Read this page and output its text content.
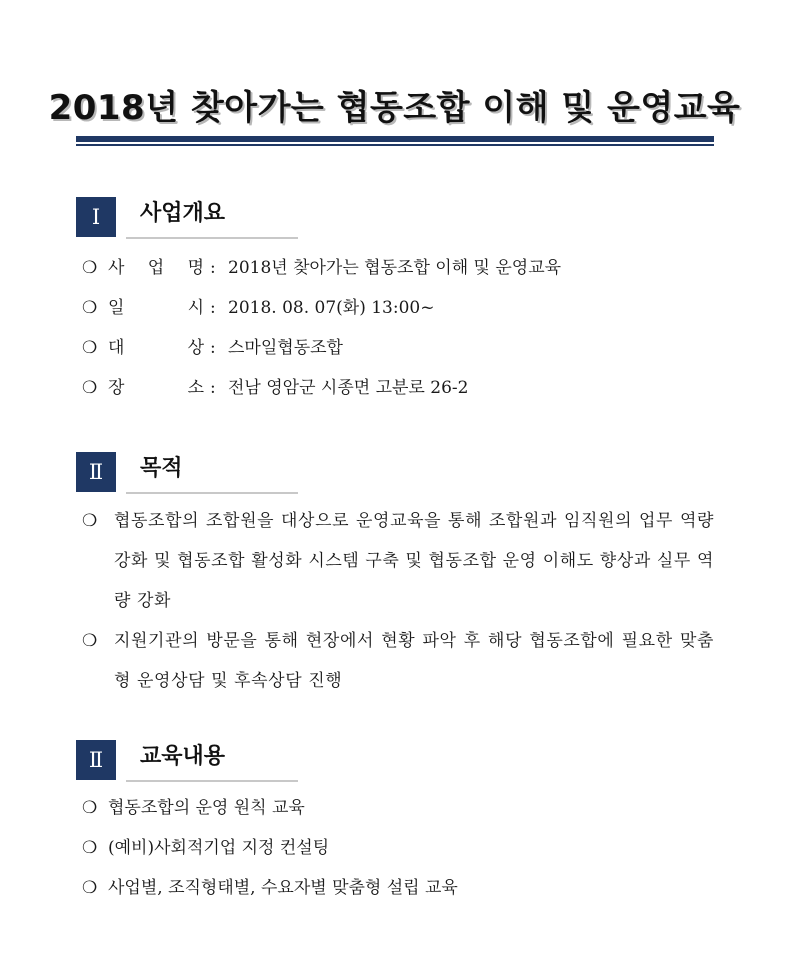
2018년 찾아가는 협동조합 이해 및 운영교육
Ⅰ	사업개요
❍ 사 업 명 : 2018년 찾아가는 협동조합 이해 및 운영교육
❍ 일	시 : 2018. 08. 07(화) 13:00~
❍ 대	상 : 스마일협동조합
❍ 장	소 : 전남 영암군 시종면 고분로 26-2
Ⅱ	목적
❍ 협동조합의 조합원을 대상으로 운영교육을 통해 조합원과 임직원의 업무 역량 강화 및 협동조합 활성화 시스템 구축 및 협동조합 운영 이해도 향상과 실무 역량 강화
❍ 지원기관의 방문을 통해 현장에서 현황 파악 후 해당 협동조합에 필요한 맞춤형 운영상담 및 후속상담 진행
Ⅱ	교육내용
❍ 협동조합의 운영 원칙 교육
❍ (예비)사회적기업 지정 컨설팅
❍ 사업별, 조직형태별, 수요자별 맞춤형 설립 교육
